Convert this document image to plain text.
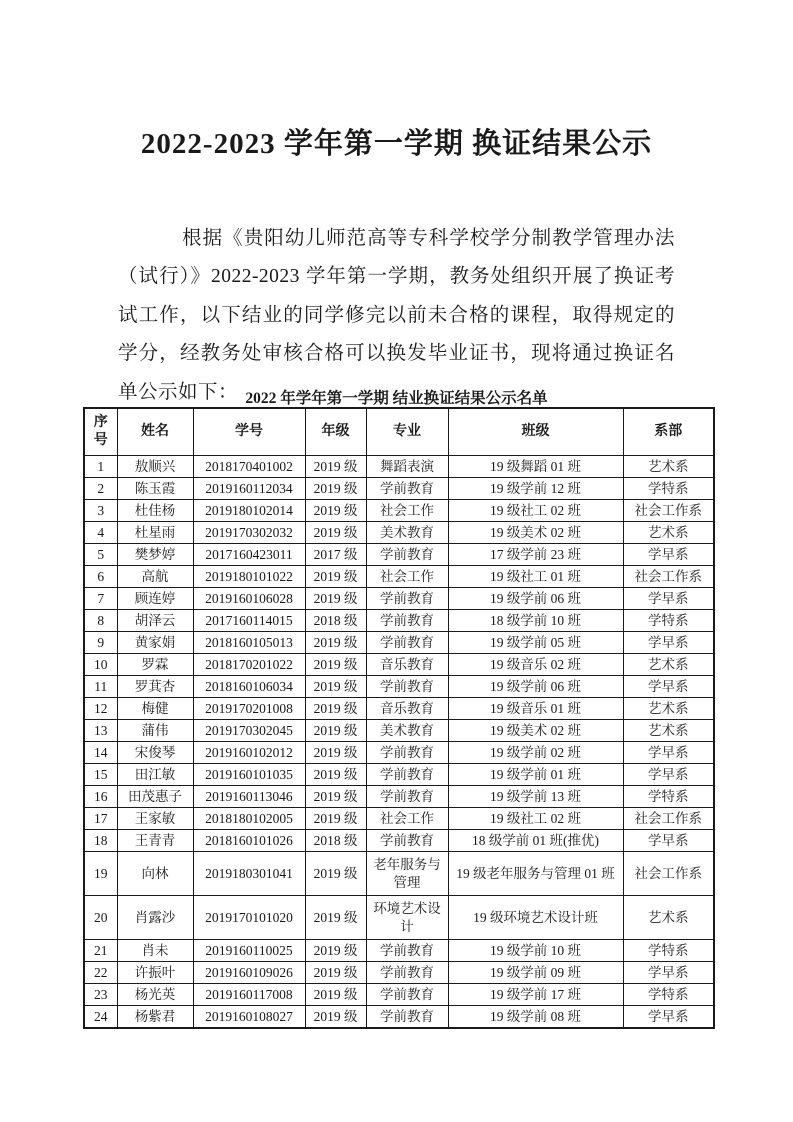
2022-2023 学年第一学期 换证结果公示

根据《贵阳幼儿师范高等专科学校学分制教学管理办法（试行）》2022-2023 学年第一学期，教务处组织开展了换证考试工作，以下结业的同学修完以前未合格的课程，取得规定的学分，经教务处审核合格可以换发毕业证书，现将通过换证名单公示如下： 2022 年学年第一学期 结业换证结果公示名单
序号	姓名	学号	年级	专业	班级	系部
1	敖顺兴	2018170401002	2019 级	舞蹈表演	19 级舞蹈 01 班	艺术系
2	陈玉霞	2019160112034	2019 级	学前教育	19 级学前 12 班	学特系
3	杜佳杨	2019180102014	2019 级	社会工作	19 级社工 02 班	社会工作系
4	杜星雨	2019170302032	2019 级	美术教育	19 级美术 02 班	艺术系
5	樊梦婷	2017160423011	2017 级	学前教育	17 级学前 23 班	学早系
6	高航	2019180101022	2019 级	社会工作	19 级社工 01 班	社会工作系
7	顾连婷	2019160106028	2019 级	学前教育	19 级学前 06 班	学早系
8	胡泽云	2017160114015	2018 级	学前教育	18 级学前 10 班	学特系
9	黄家娟	2018160105013	2019 级	学前教育	19 级学前 05 班	学早系
10	罗霖	2018170201022	2019 级	音乐教育	19 级音乐 02 班	艺术系
11	罗萁杏	2018160106034	2019 级	学前教育	19 级学前 06 班	学早系
12	梅健	2019170201008	2019 级	音乐教育	19 级音乐 01 班	艺术系
13	蒲伟	2019170302045	2019 级	美术教育	19 级美术 02 班	艺术系
14	宋俊琴	2019160102012	2019 级	学前教育	19 级学前 02 班	学早系
15	田江敏	2019160101035	2019 级	学前教育	19 级学前 01 班	学早系
16	田茂惠子	2019160113046	2019 级	学前教育	19 级学前 13 班	学特系
17	王家敏	2018180102005	2019 级	社会工作	19 级社工 02 班	社会工作系
18	王青青	2018160101026	2018 级	学前教育	18 级学前 01 班(推优)	学早系
19	向林	2019180301041	2019 级	老年服务与管理	19 级老年服务与管理 01 班	社会工作系
20	肖露沙	2019170101020	2019 级	环境艺术设计	19 级环境艺术设计班	艺术系
21	肖未	2019160110025	2019 级	学前教育	19 级学前 10 班	学特系
22	许振叶	2019160109026	2019 级	学前教育	19 级学前 09 班	学早系
23	杨光英	2019160117008	2019 级	学前教育	19 级学前 17 班	学特系
24	杨紫君	2019160108027	2019 级	学前教育	19 级学前 08 班	学早系
